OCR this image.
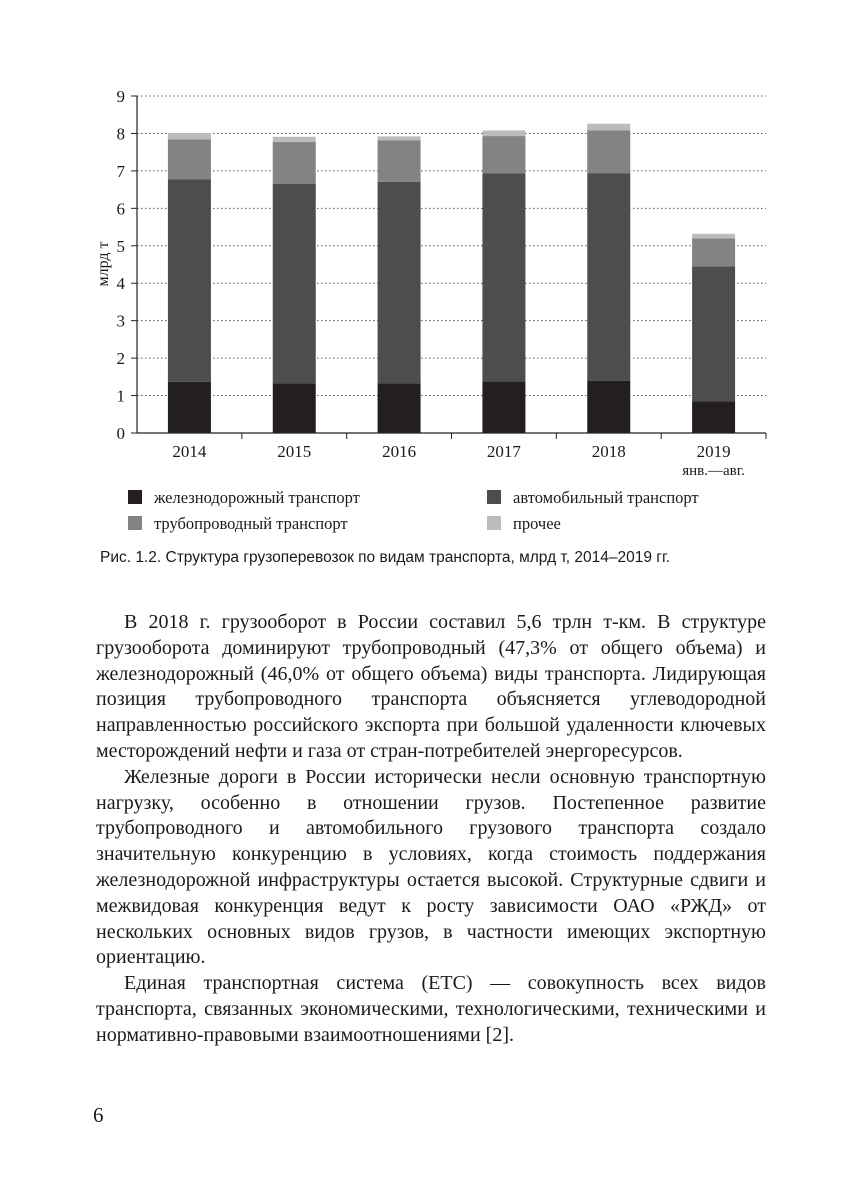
0
1
2
3
4
5
6
7
8
9
млрд т
2014	2015	2016	2017	2018	2019
янв.—авг.
железнодорожный транспорт	автомобильный транспорт
трубопроводный транспорт	прочее
Рис. 1.2. Структура грузоперевозок по видам транспорта, млрд т, 2014–2019 гг.

В 2018 г. грузооборот в России составил 5,6 трлн т-км. В структуре грузооборота доминируют трубопроводный (47,3% от общего объема) и железнодорожный (46,0% от общего объема) виды транспорта. Лидирующая позиция трубопроводного транспорта объясняется углеводородной направленностью российского экспорта при большой удаленности ключевых месторождений нефти и газа от стран-потребителей энергоресурсов.

Железные дороги в России исторически несли основную транспортную нагрузку, особенно в отношении грузов. Постепенное развитие трубопроводного и автомобильного грузового транспорта создало значительную конкуренцию в условиях, когда стоимость поддержания железнодорожной инфраструктуры остается высокой. Структурные сдвиги и межвидовая конкуренция ведут к росту зависимости ОАО «РЖД» от нескольких основных видов грузов, в частности имеющих экспортную ориентацию.

Единая транспортная система (ЕТС) — совокупность всех видов транспорта, связанных экономическими, технологическими, техническими и нормативно-правовыми взаимоотношениями [2].

6
